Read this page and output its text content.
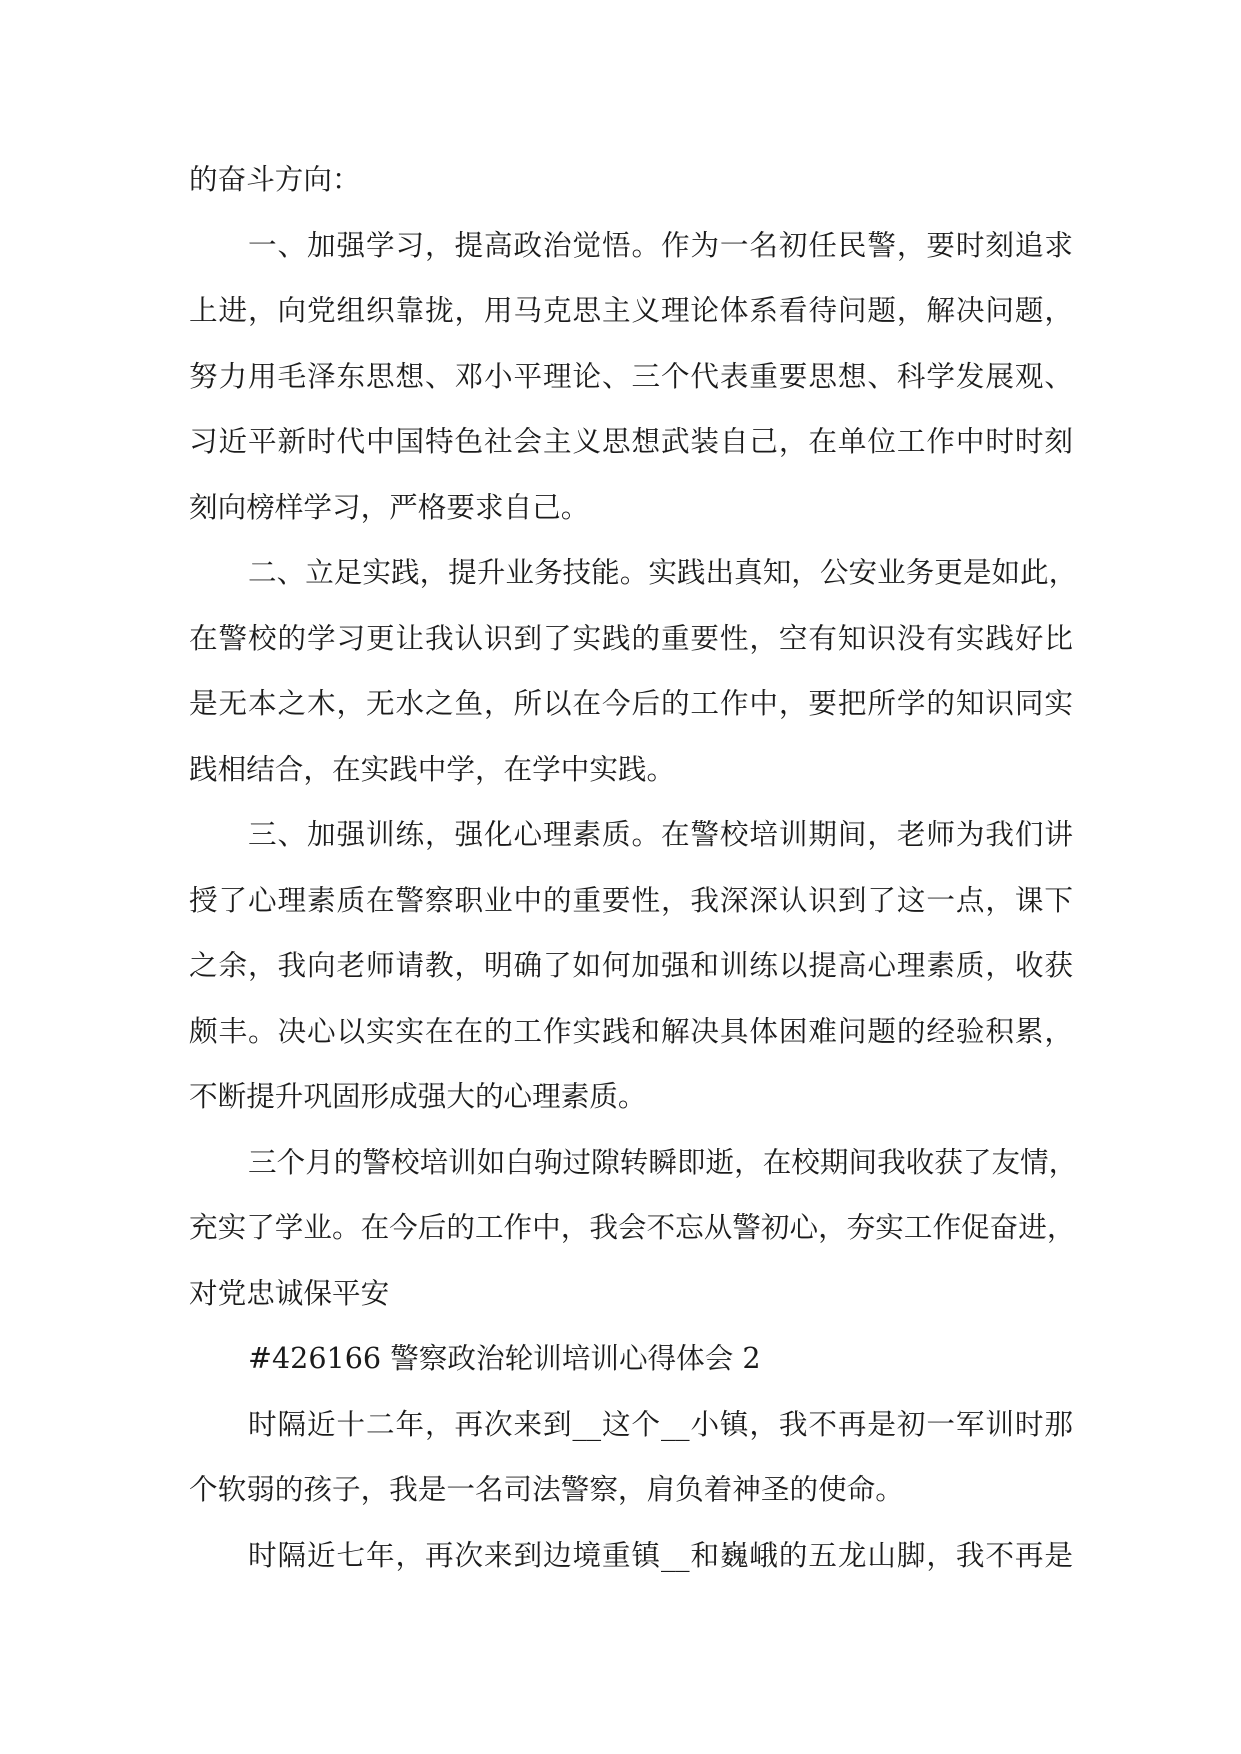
的奋斗方向：
一、加强学习，提高政治觉悟。作为一名初任民警，要时刻追求
上进，向党组织靠拢，用马克思主义理论体系看待问题，解决问题，
努力用毛泽东思想、邓小平理论、三个代表重要思想、科学发展观、
习近平新时代中国特色社会主义思想武装自己，在单位工作中时时刻
刻向榜样学习，严格要求自己。
二、立足实践，提升业务技能。实践出真知，公安业务更是如此，
在警校的学习更让我认识到了实践的重要性，空有知识没有实践好比
是无本之木，无水之鱼，所以在今后的工作中，要把所学的知识同实
践相结合，在实践中学，在学中实践。
三、加强训练，强化心理素质。在警校培训期间，老师为我们讲
授了心理素质在警察职业中的重要性，我深深认识到了这一点，课下
之余，我向老师请教，明确了如何加强和训练以提高心理素质，收获
颇丰。决心以实实在在的工作实践和解决具体困难问题的经验积累，
不断提升巩固形成强大的心理素质。
三个月的警校培训如白驹过隙转瞬即逝，在校期间我收获了友情，
充实了学业。在今后的工作中，我会不忘从警初心，夯实工作促奋进，
对党忠诚保平安
#426166 警察政治轮训培训心得体会 2
时隔近十二年，再次来到__这个__小镇，我不再是初一军训时那
个软弱的孩子，我是一名司法警察，肩负着神圣的使命。
时隔近七年，再次来到边境重镇__和巍峨的五龙山脚，我不再是
